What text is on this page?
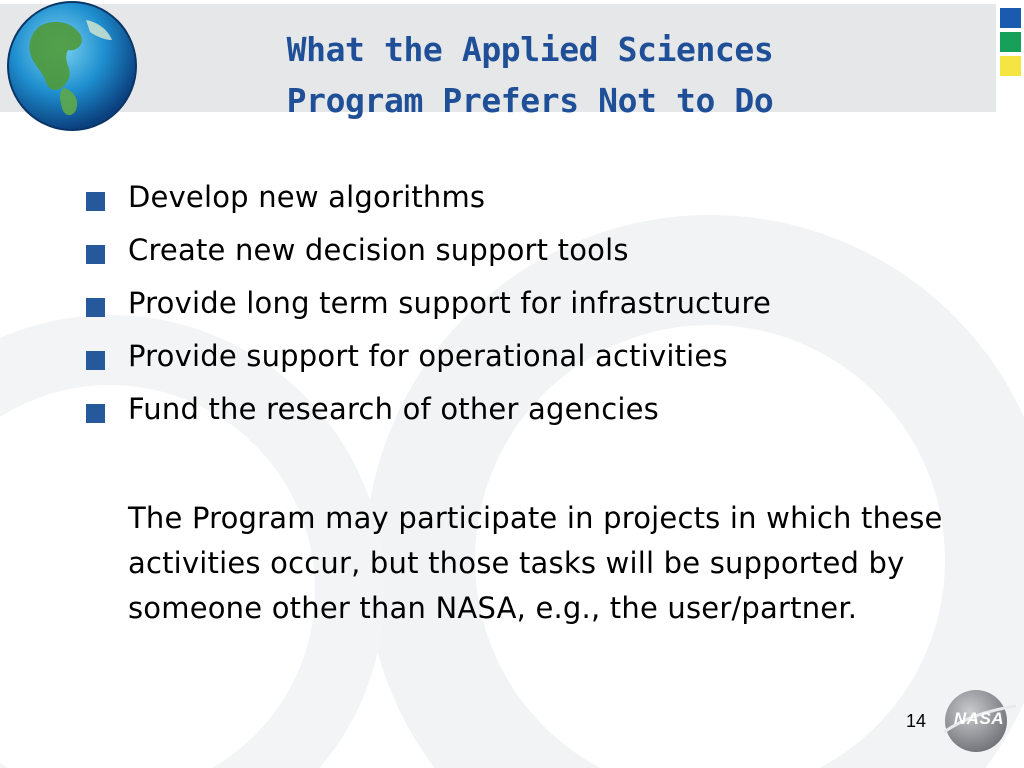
What the Applied Sciences
Program Prefers Not to Do
Develop new algorithms
Create new decision support tools
Provide long term support for infrastructure
Provide support for operational activities
Fund the research of other agencies
The Program may participate in projects in which these activities occur, but those tasks will be supported by someone other than NASA, e.g., the user/partner.
14	NASA
